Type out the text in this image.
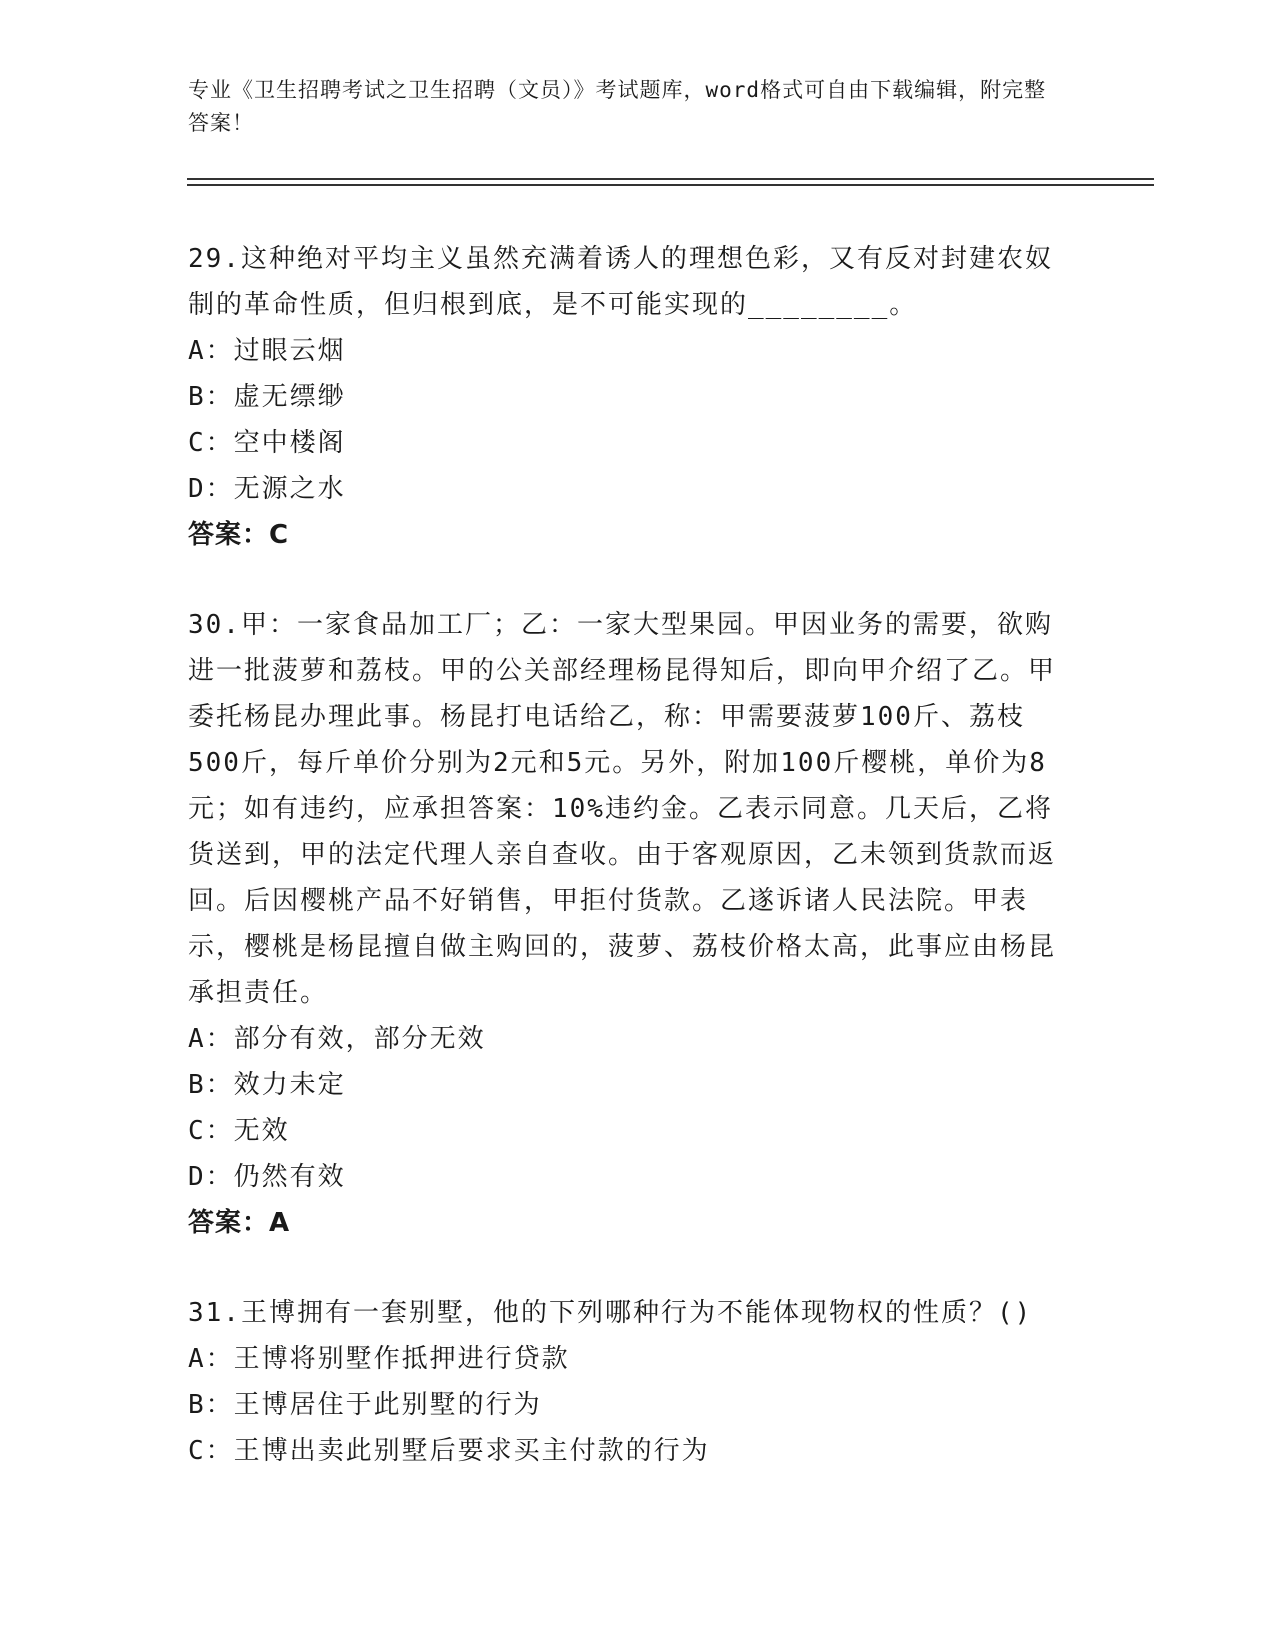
专业《卫生招聘考试之卫生招聘（文员）》考试题库，word格式可自由下载编辑，附完整答案！

29.这种绝对平均主义虽然充满着诱人的理想色彩，又有反对封建农奴制的革命性质，但归根到底，是不可能实现的________。

A：过眼云烟

B：虚无缥缈

C：空中楼阁

D：无源之水

答案：C

30.甲：一家食品加工厂；乙：一家大型果园。甲因业务的需要，欲购进一批菠萝和荔枝。甲的公关部经理杨昆得知后，即向甲介绍了乙。甲委托杨昆办理此事。杨昆打电话给乙，称：甲需要菠萝100斤、荔枝500斤，每斤单价分别为2元和5元。另外，附加100斤樱桃，单价为8元；如有违约，应承担答案：10%违约金。乙表示同意。几天后，乙将货送到，甲的法定代理人亲自查收。由于客观原因，乙未领到货款而返回。后因樱桃产品不好销售，甲拒付货款。乙遂诉诸人民法院。甲表示，樱桃是杨昆擅自做主购回的，菠萝、荔枝价格太高，此事应由杨昆承担责任。

A：部分有效，部分无效

B：效力未定

C：无效

D：仍然有效

答案：A

31.王博拥有一套别墅，他的下列哪种行为不能体现物权的性质？()

A：王博将别墅作抵押进行贷款

B：王博居住于此别墅的行为

C：王博出卖此别墅后要求买主付款的行为
